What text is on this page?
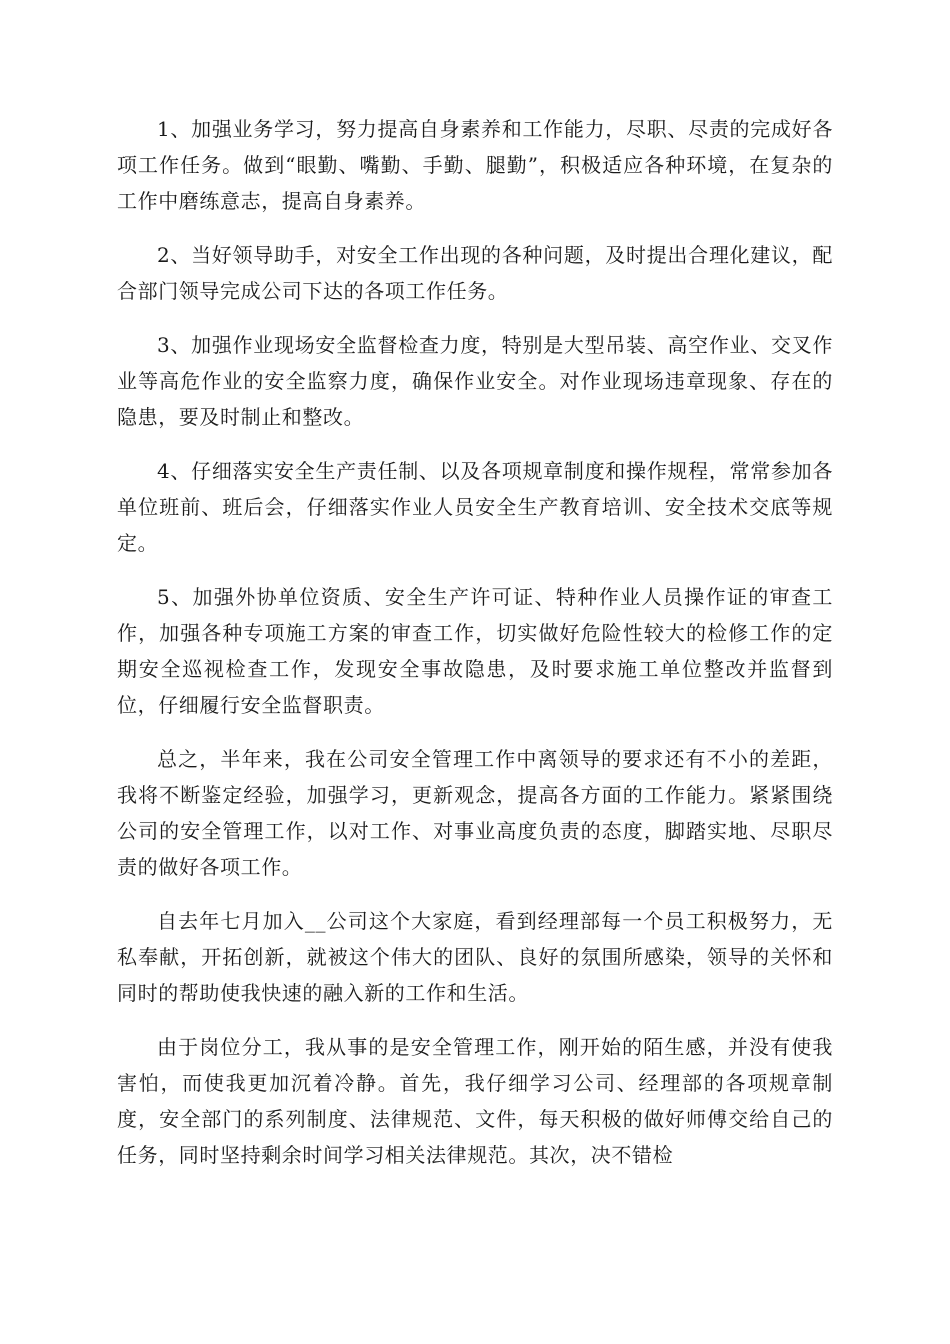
1、加强业务学习，努力提高自身素养和工作能力，尽职、尽责的完成好各项工作任务。做到“眼勤、嘴勤、手勤、腿勤”，积极适应各种环境，在复杂的工作中磨练意志，提高自身素养。

2、当好领导助手，对安全工作出现的各种问题，及时提出合理化建议，配合部门领导完成公司下达的各项工作任务。

3、加强作业现场安全监督检查力度，特别是大型吊装、高空作业、交叉作业等高危作业的安全监察力度，确保作业安全。对作业现场违章现象、存在的隐患，要及时制止和整改。

4、仔细落实安全生产责任制、以及各项规章制度和操作规程，常常参加各单位班前、班后会，仔细落实作业人员安全生产教育培训、安全技术交底等规定。

5、加强外协单位资质、安全生产许可证、特种作业人员操作证的审查工作，加强各种专项施工方案的审查工作，切实做好危险性较大的检修工作的定期安全巡视检查工作，发现安全事故隐患，及时要求施工单位整改并监督到位，仔细履行安全监督职责。

总之，半年来，我在公司安全管理工作中离领导的要求还有不小的差距，我将不断鉴定经验，加强学习，更新观念，提高各方面的工作能力。紧紧围绕公司的安全管理工作，以对工作、对事业高度负责的态度，脚踏实地、尽职尽责的做好各项工作。

自去年七月加入__公司这个大家庭，看到经理部每一个员工积极努力，无私奉献，开拓创新，就被这个伟大的团队、良好的氛围所感染，领导的关怀和同时的帮助使我快速的融入新的工作和生活。

由于岗位分工，我从事的是安全管理工作，刚开始的陌生感，并没有使我害怕，而使我更加沉着冷静。首先，我仔细学习公司、经理部的各项规章制度，安全部门的系列制度、法律规范、文件，每天积极的做好师傅交给自己的任务，同时坚持剩余时间学习相关法律规范。其次，决不错检
